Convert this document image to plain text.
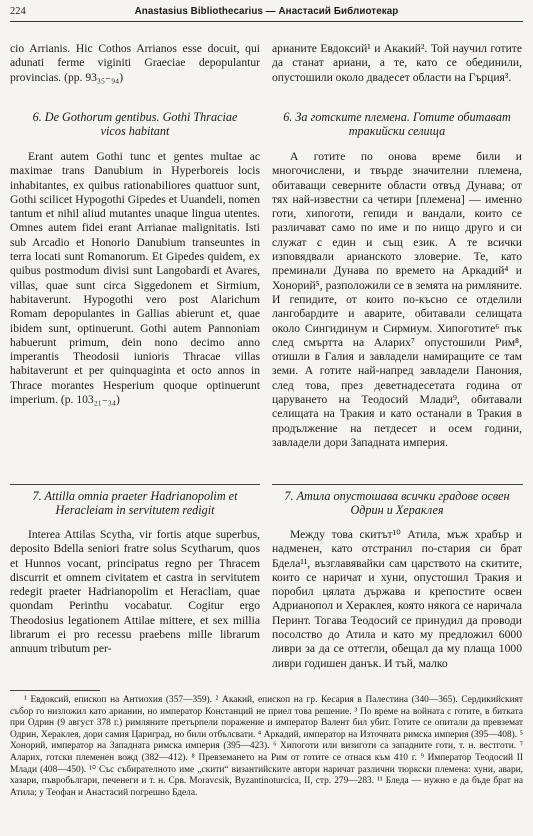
224	Anastasius Bibliothecarius — Анастасий Библиотекар

cio Arrianis. Hic Cothos Arrianos esse docuit, qui adunati ferme viginiti Graeciae depopulantur provincias. (pp. 93₃₅₋₉₄)

6. De Gothorum gentibus. Gothi Thraciae vicos habitant

Erant autem Gothi tunc et gentes multae ac maximae trans Danubium in Hyperboreis locis inhabitantes, ex quibus rationabiliores quattuor sunt, Gothi scilicet Hypogothi Gipedes et Uuandeli, nomen tantum et nihil aliud mutantes unaque lingua utentes. Omnes autem fidei erant Arrianae malignitatis. Isti sub Arcadio et Honorio Danubium transeuntes in terra locati sunt Romanorum. Et Gipedes quidem, ex quibus postmodum divisi sunt Langobardi et Avares, villas, quae sunt circa Siggedonem et Sirmium, habitaverunt. Hypogothi vero post Alarichum Romam depopulantes in Gallias abierunt et, quae ibidem sunt, optinuerunt. Gothi autem Pannoniam habuerunt primum, dein nono decimo anno imperantis Theodosii iunioris Thracae villas habitaverunt et per quinquaginta et octo annos in Thrace morantes Hesperium quoque optinuerunt imperium. (p. 103₂₁₋₃₄)

7. Attilla omnia praeter Hadrianopolim et Heracleiam in servitutem redigit

Interea Attilas Scytha, vir fortis atque superbus, deposito Bdella seniori fratre solus Scytharum, quos et Hunnos vocant, principatus regno per Thracem discurrit et omnem civitatem et castra in servitutem redegit praeter Hadrianopolim et Heracliam, quae quondam Perinthu vocabatur. Cogitur ergo Theodosius legationem Attilae mittere, et sex millia librarum ei pro recessu praebens mille librarum annuum tributum per-

арианите Евдоксий¹ и Акакий². Той научил готите да станат ариани, а те, като се обединили, опустошили около двадесет области на Гърция³.

6. За готските племена. Готите обитават тракийски селища

А готите по онова време били и многочислени, и твърде значителни племена, обитаващи северните области отвъд Дунава; от тях най-известни са четири [племена] — именно готи, хипоготи, гепиди и вандали, които се различават само по име и по нищо друго и си служат с един и същ език. А те всички изповядвали арианското зловерие. Те, като преминали Дунава по времето на Аркадий⁴ и Хонорий⁵, разположили се в земята на римляните. И гепидите, от които по-късно се отделили лангобардите и аварите, обитавали селищата около Сингидинум и Сирмиум. Хипоготите⁶ пък след смъртта на Аларих⁷ опустошили Рим⁸, отишли в Галия и завладели намиращите се там земи. А готите най-напред завладели Панония, след това, през деветнадесетата година от царуването на Теодосий Млади⁹, обитавали селищата на Тракия и като останали в Тракия в продължение на петдесет и осем години, завладели дори Западната империя.

7. Атила опустошава всички градове освен Одрин и Хераклея

Между това скитът¹⁰ Атила, мъж храбър и надменен, като отстранил по-стария си брат Бдела¹¹, възглавявайки сам царството на скитите, които се наричат и хуни, опустошил Тракия и поробил цялата държава и крепостите освен Адрианопол и Хераклея, която някога се наричала Перинт. Тогава Теодосий се принудил да проводи посолство до Атила и като му предложил 6000 ливри за да се оттегли, обещал да му плаща 1000 ливри годишен данък. И тъй, малко

¹ Евдоксий, епископ на Антиохия (357—359). ² Акакий, епископ на гр. Кесария в Палестина (340—365). Сердикийският събор го низложил като арианин, но император Констанций не приел това решение. ³ По време на войната с готите, в битката при Одрин (9 август 378 г.) римляните претърпели поражение и император Валент бил убит. Готите се опитали да превземат Одрин, Хераклея, дори самия Цариград, но били отбълсвати. ⁴ Аркадий, император на Източната римска империя (395—408). ⁵ Хонорий, император на Западната римска империя (395—423). ⁶ Хипоготи или визиготи са западните готи, т. н. вестготи. ⁷ Аларих, готски племенен вожд (382—412). ⁸ Превземането на Рим от готите се отнася към 410 г. ⁹ Император Теодосий II Млади (408—450). ¹⁰ Със събирателното име „скити“ византийските автори наричат различни тюркски племена: хуни, авари, хазари, пъвробългари, печенеги и т. н. Срв. Moravcsik, Byzantinoturcica, II, стр. 279—283. ¹¹ Бледа — нужно е да бъде брат на Атила; у Теофан и Анастасий погрешно Бдела.
